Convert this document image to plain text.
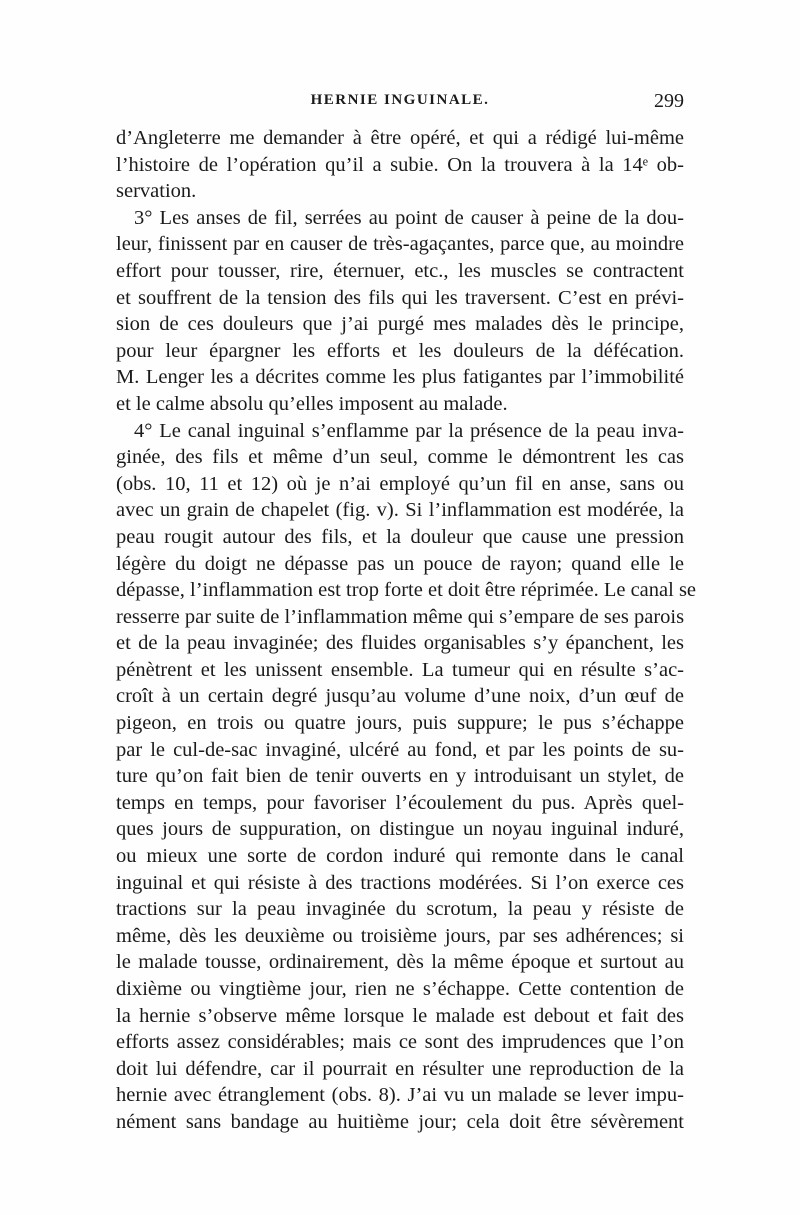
HERNIE INGUINALE.	299
d’Angleterre me demander à être opéré, et qui a rédigé lui-même
l’histoire de l’opération qu’il a subie. On la trouvera à la 14ᵉ ob-
servation.
3° Les anses de fil, serrées au point de causer à peine de la dou-
leur, finissent par en causer de très-agaçantes, parce que, au moindre
effort pour tousser, rire, éternuer, etc., les muscles se contractent
et souffrent de la tension des fils qui les traversent. C’est en prévi-
sion de ces douleurs que j’ai purgé mes malades dès le principe,
pour leur épargner les efforts et les douleurs de la défécation.
M. Lenger les a décrites comme les plus fatigantes par l’immobilité
et le calme absolu qu’elles imposent au malade.
4° Le canal inguinal s’enflamme par la présence de la peau inva-
ginée, des fils et même d’un seul, comme le démontrent les cas
(obs. 10, 11 et 12) où je n’ai employé qu’un fil en anse, sans ou
avec un grain de chapelet (fig. v). Si l’inflammation est modérée, la
peau rougit autour des fils, et la douleur que cause une pression
légère du doigt ne dépasse pas un pouce de rayon; quand elle le
dépasse, l’inflammation est trop forte et doit être réprimée. Le canal se
resserre par suite de l’inflammation même qui s’empare de ses parois
et de la peau invaginée; des fluides organisables s’y épanchent, les
pénètrent et les unissent ensemble. La tumeur qui en résulte s’ac-
croît à un certain degré jusqu’au volume d’une noix, d’un œuf de
pigeon, en trois ou quatre jours, puis suppure; le pus s’échappe
par le cul-de-sac invaginé, ulcéré au fond, et par les points de su-
ture qu’on fait bien de tenir ouverts en y introduisant un stylet, de
temps en temps, pour favoriser l’écoulement du pus. Après quel-
ques jours de suppuration, on distingue un noyau inguinal induré,
ou mieux une sorte de cordon induré qui remonte dans le canal
inguinal et qui résiste à des tractions modérées. Si l’on exerce ces
tractions sur la peau invaginée du scrotum, la peau y résiste de
même, dès les deuxième ou troisième jours, par ses adhérences; si
le malade tousse, ordinairement, dès la même époque et surtout au
dixième ou vingtième jour, rien ne s’échappe. Cette contention de
la hernie s’observe même lorsque le malade est debout et fait des
efforts assez considérables; mais ce sont des imprudences que l’on
doit lui défendre, car il pourrait en résulter une reproduction de la
hernie avec étranglement (obs. 8). J’ai vu un malade se lever impu-
nément sans bandage au huitième jour; cela doit être sévèrement
